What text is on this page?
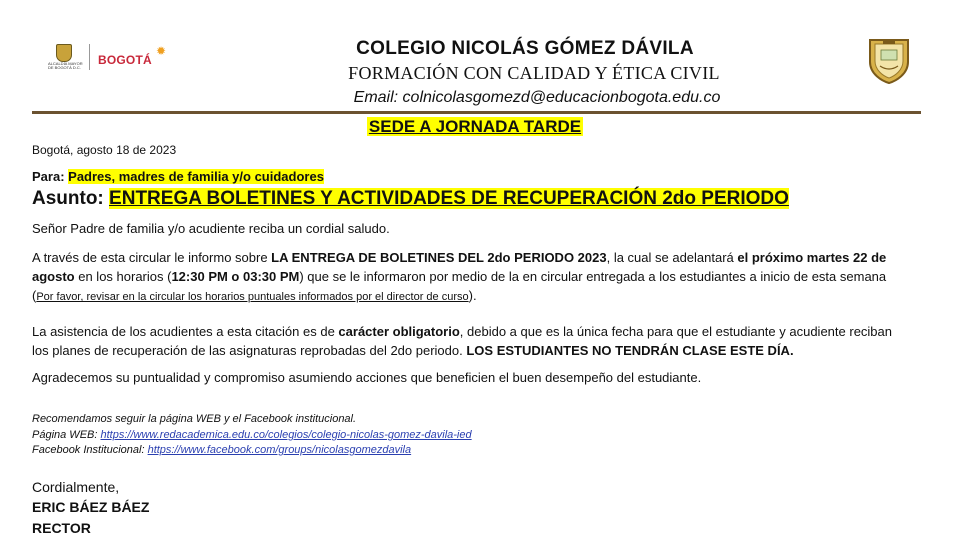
ALCALDÍA MAYOR DE BOGOTÁ D.C.
BOGOTÁ
✹	COLEGIO NICOLÁS GÓMEZ DÁVILA
FORMACIÓN CON CALIDAD Y ÉTICA CIVIL
Email: colnicolasgomezd@educacionbogota.edu.co
SEDE A JORNADA TARDE
Bogotá, agosto 18 de 2023
Para: Padres, madres de familia y/o cuidadores
Asunto: ENTREGA BOLETINES Y ACTIVIDADES DE RECUPERACIÓN 2do PERIODO
Señor Padre de familia y/o acudiente reciba un cordial saludo.
A través de esta circular le informo sobre LA ENTREGA DE BOLETINES DEL 2do PERIODO 2023, la cual se adelantará el próximo martes 22 de agosto en los horarios (12:30 PM o 03:30 PM) que se le informaron por medio de la en circular entregada a los estudiantes a inicio de esta semana (Por favor, revisar en la circular los horarios puntuales informados por el director de curso).
La asistencia de los acudientes a esta citación es de carácter obligatorio, debido a que es la única fecha para que el estudiante y acudiente reciban los planes de recuperación de las asignaturas reprobadas del 2do periodo. LOS ESTUDIANTES NO TENDRÁN CLASE ESTE DÍA.
Agradecemos su puntualidad y compromiso asumiendo acciones que beneficien el buen desempeño del estudiante.
Recomendamos seguir la página WEB y el Facebook institucional.
Página WEB: https://www.redacademica.edu.co/colegios/colegio-nicolas-gomez-davila-ied
Facebook Institucional: https://www.facebook.com/groups/nicolasgomezdavila
Cordialmente,
ERIC BÁEZ BÁEZ
RECTOR
